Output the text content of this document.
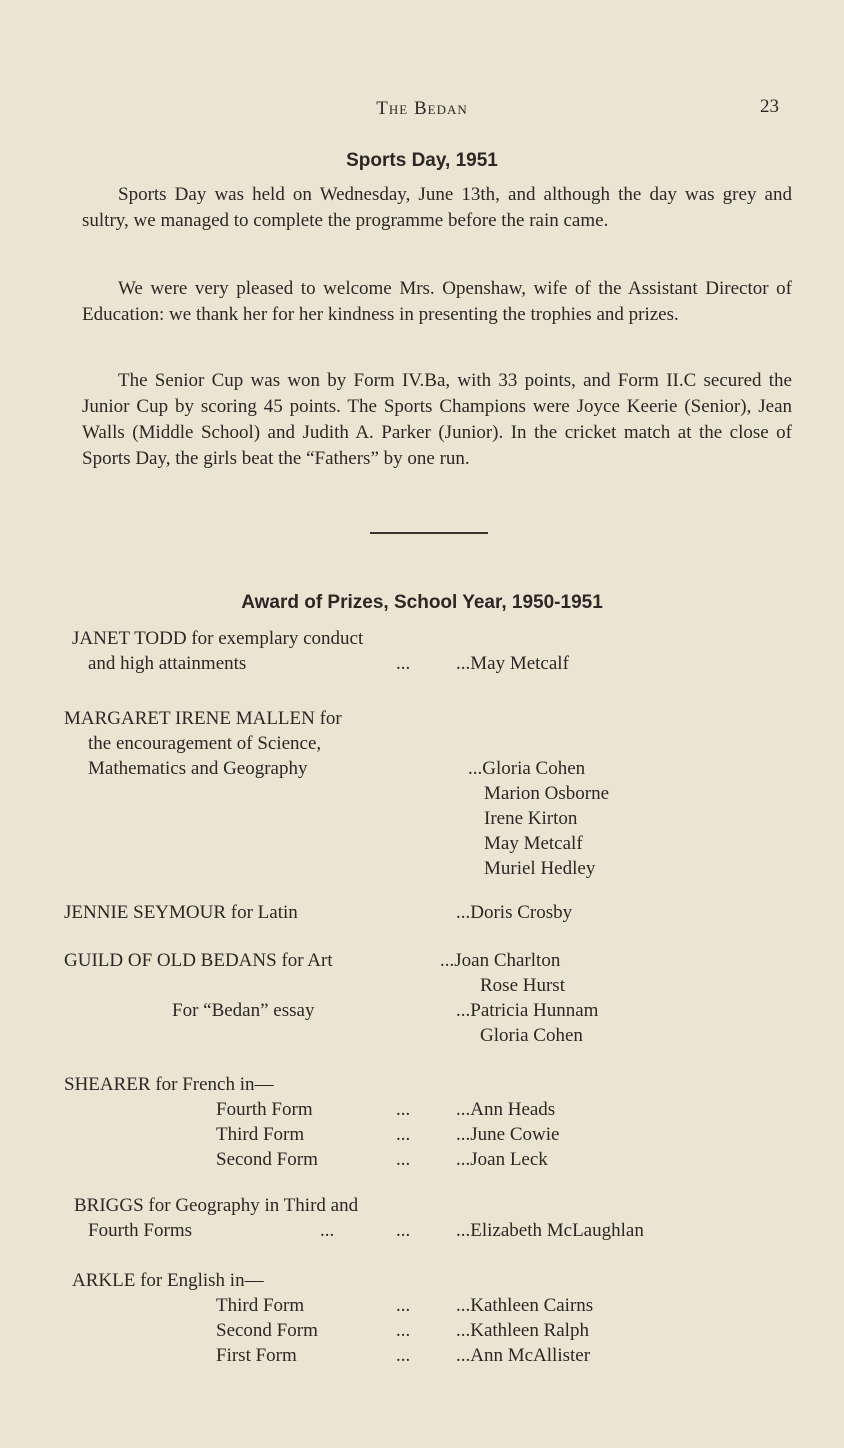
The Bedan	23
Sports Day, 1951
Sports Day was held on Wednesday, June 13th, and although the day was grey and sultry, we managed to complete the programme before the rain came.
We were very pleased to welcome Mrs. Openshaw, wife of the Assistant Director of Education: we thank her for her kindness in presenting the trophies and prizes.
The Senior Cup was won by Form IV.Ba, with 33 points, and Form II.C secured the Junior Cup by scoring 45 points. The Sports Champions were Joyce Keerie (Senior), Jean Walls (Middle School) and Judith A. Parker (Junior). In the cricket match at the close of Sports Day, the girls beat the “Fathers” by one run.
Award of Prizes, School Year, 1950-1951
JANET TODD for exemplary conduct
and high attainments	... ...May Metcalf
MARGARET IRENE MALLEN for
the encouragement of Science,
Mathematics and Geography	...Gloria Cohen
Marion Osborne
Irene Kirton
May Metcalf
Muriel Hedley
JENNIE SEYMOUR for Latin	...Doris Crosby
GUILD OF OLD BEDANS for Art	...Joan Charlton
Rose Hurst
For “Bedan” essay	...Patricia Hunnam
Gloria Cohen
SHEARER for French in—
Fourth Form	... ...Ann Heads
Third Form	... ...June Cowie
Second Form	... ...Joan Leck
BRIGGS for Geography in Third and
Fourth Forms	...	... ...Elizabeth McLaughlan
ARKLE for English in—
Third Form	... ...Kathleen Cairns
Second Form	... ...Kathleen Ralph
First Form	... ...Ann McAllister
